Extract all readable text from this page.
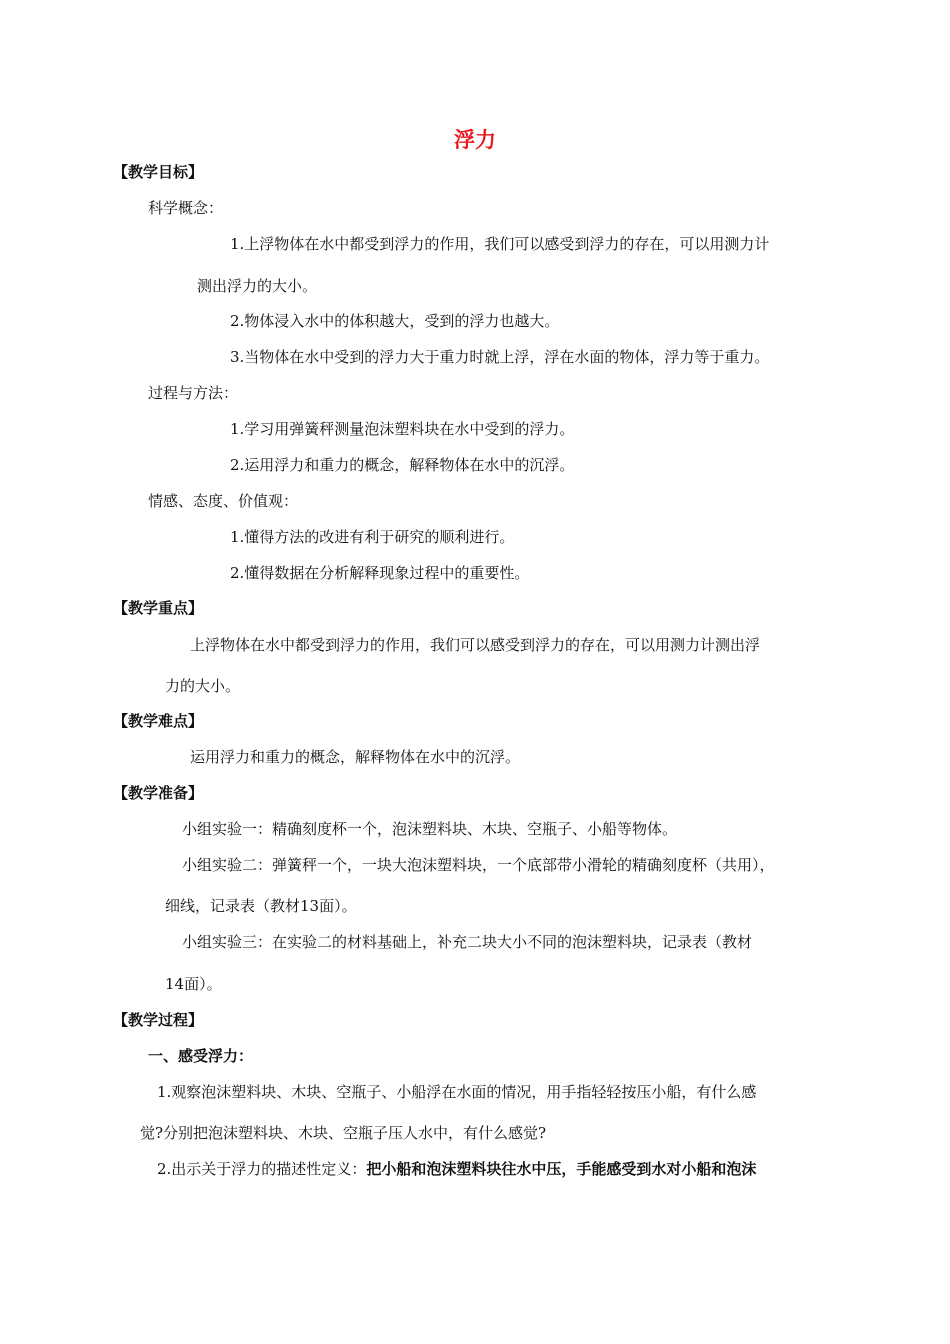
浮力
【教学目标】
科学概念：
1.上浮物体在水中都受到浮力的作用，我们可以感受到浮力的存在，可以用测力计
测出浮力的大小。
2.物体浸入水中的体积越大，受到的浮力也越大。
3.当物体在水中受到的浮力大于重力时就上浮，浮在水面的物体，浮力等于重力。
过程与方法：
1.学习用弹簧秤测量泡沫塑料块在水中受到的浮力。
2.运用浮力和重力的概念，解释物体在水中的沉浮。
情感、态度、价值观：
1.懂得方法的改进有利于研究的顺利进行。
2.懂得数据在分析解释现象过程中的重要性。
【教学重点】
上浮物体在水中都受到浮力的作用，我们可以感受到浮力的存在，可以用测力计测出浮
力的大小。
【教学难点】
运用浮力和重力的概念，解释物体在水中的沉浮。
【教学准备】
小组实验一：精确刻度杯一个，泡沫塑料块、木块、空瓶子、小船等物体。
小组实验二：弹簧秤一个，一块大泡沫塑料块，一个底部带小滑轮的精确刻度杯（共用），
细线，记录表（教材13面）。
小组实验三：在实验二的材料基础上，补充二块大小不同的泡沫塑料块，记录表（教材
14面）。
【教学过程】
一、感受浮力：
1.观察泡沫塑料块、木块、空瓶子、小船浮在水面的情况，用手指轻轻按压小船，有什么感
觉?分别把泡沫塑料块、木块、空瓶子压人水中，有什么感觉?
2.出示关于浮力的描述性定义：把小船和泡沫塑料块往水中压，手能感受到水对小船和泡沫
